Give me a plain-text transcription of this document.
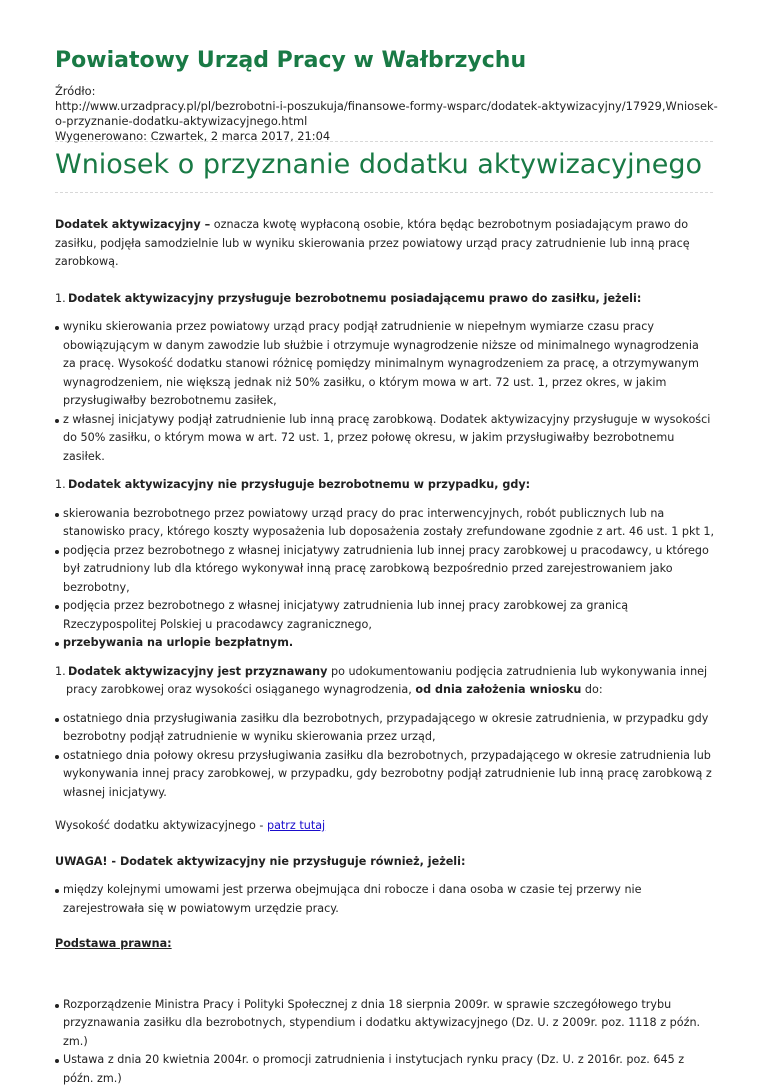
Powiatowy Urząd Pracy w Wałbrzychu
Źródło:
http://www.urzadpracy.pl/pl/bezrobotni-i-poszukuja/finansowe-formy-wsparc/dodatek-aktywizacyjny/17929,Wniosek-o-przyznanie-dodatku-aktywizacyjnego.html
Wygenerowano: Czwartek, 2 marca 2017, 21:04
Wniosek o przyznanie dodatku aktywizacyjnego

Dodatek aktywizacyjny – oznacza kwotę wypłaconą osobie, która będąc bezrobotnym posiadającym prawo do zasiłku, podjęła samodzielnie lub w wyniku skierowania przez powiatowy urząd pracy zatrudnienie lub inną pracę zarobkową.

1. Dodatek aktywizacyjny przysługuje bezrobotnemu posiadającemu prawo do zasiłku, jeżeli:
wyniku skierowania przez powiatowy urząd pracy podjął zatrudnienie w niepełnym wymiarze czasu pracy obowiązującym w danym zawodzie lub służbie i otrzymuje wynagrodzenie niższe od minimalnego wynagrodzenia za pracę. Wysokość dodatku stanowi różnicę pomiędzy minimalnym wynagrodzeniem za pracę, a otrzymywanym wynagrodzeniem, nie większą jednak niż 50% zasiłku, o którym mowa w art. 72 ust. 1, przez okres, w jakim przysługiwałby bezrobotnemu zasiłek,
z własnej inicjatywy podjął zatrudnienie lub inną pracę zarobkową. Dodatek aktywizacyjny przysługuje w wysokości do 50% zasiłku, o którym mowa w art. 72 ust. 1, przez połowę okresu, w jakim przysługiwałby bezrobotnemu zasiłek.
1. Dodatek aktywizacyjny nie przysługuje bezrobotnemu w przypadku, gdy:
skierowania bezrobotnego przez powiatowy urząd pracy do prac interwencyjnych, robót publicznych lub na stanowisko pracy, którego koszty wyposażenia lub doposażenia zostały zrefundowane zgodnie z art. 46 ust. 1 pkt 1,
podjęcia przez bezrobotnego z własnej inicjatywy zatrudnienia lub innej pracy zarobkowej u pracodawcy, u którego był zatrudniony lub dla którego wykonywał inną pracę zarobkową bezpośrednio przed zarejestrowaniem jako bezrobotny,
podjęcia przez bezrobotnego z własnej inicjatywy zatrudnienia lub innej pracy zarobkowej za granicą Rzeczypospolitej Polskiej u pracodawcy zagranicznego,
przebywania na urlopie bezpłatnym.
1. Dodatek aktywizacyjny jest przyznawany po udokumentowaniu podjęcia zatrudnienia lub wykonywania innej pracy zarobkowej oraz wysokości osiąganego wynagrodzenia, od dnia założenia wniosku do:
ostatniego dnia przysługiwania zasiłku dla bezrobotnych, przypadającego w okresie zatrudnienia, w przypadku gdy bezrobotny podjął zatrudnienie w wyniku skierowania przez urząd,
ostatniego dnia połowy okresu przysługiwania zasiłku dla bezrobotnych, przypadającego w okresie zatrudnienia lub wykonywania innej pracy zarobkowej, w przypadku, gdy bezrobotny podjął zatrudnienie lub inną pracę zarobkową z własnej inicjatywy.

Wysokość dodatku aktywizacyjnego - patrz tutaj

UWAGA! - Dodatek aktywizacyjny nie przysługuje również, jeżeli:

między kolejnymi umowami jest przerwa obejmująca dni robocze i dana osoba w czasie tej przerwy nie zarejestrowała się w powiatowym urzędzie pracy.

Podstawa prawna:

Rozporządzenie Ministra Pracy i Polityki Społecznej z dnia 18 sierpnia 2009r. w sprawie szczegółowego trybu przyznawania zasiłku dla bezrobotnych, stypendium i dodatku aktywizacyjnego (Dz. U. z 2009r. poz. 1118 z późn. zm.)
Ustawa z dnia 20 kwietnia 2004r. o promocji zatrudnienia i instytucjach rynku pracy (Dz. U. z 2016r. poz. 645 z późn. zm.)
